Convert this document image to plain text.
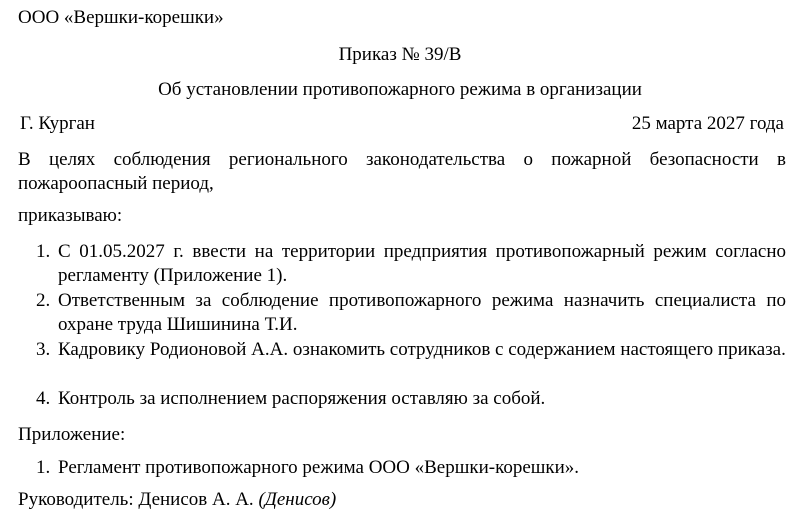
ООО «Вершки-корешки»
Приказ № 39/В
Об установлении противопожарного режима в организации
Г. Курган	25 марта 2027 года
В целях соблюдения регионального законодательства о пожарной безопасности в пожароопасный период,
приказываю:
1. С 01.05.2027 г. ввести на территории предприятия противопожарный режим согласно регламенту (Приложение 1).
2. Ответственным за соблюдение противопожарного режима назначить специалиста по охране труда Шишинина Т.И.
3. Кадровику Родионовой А.А. ознакомить сотрудников с содержанием настоящего приказа.
4. Контроль за исполнением распоряжения оставляю за собой.
Приложение:
1. Регламент противопожарного режима ООО «Вершки-корешки».
Руководитель: Денисов А. А. (Денисов)
